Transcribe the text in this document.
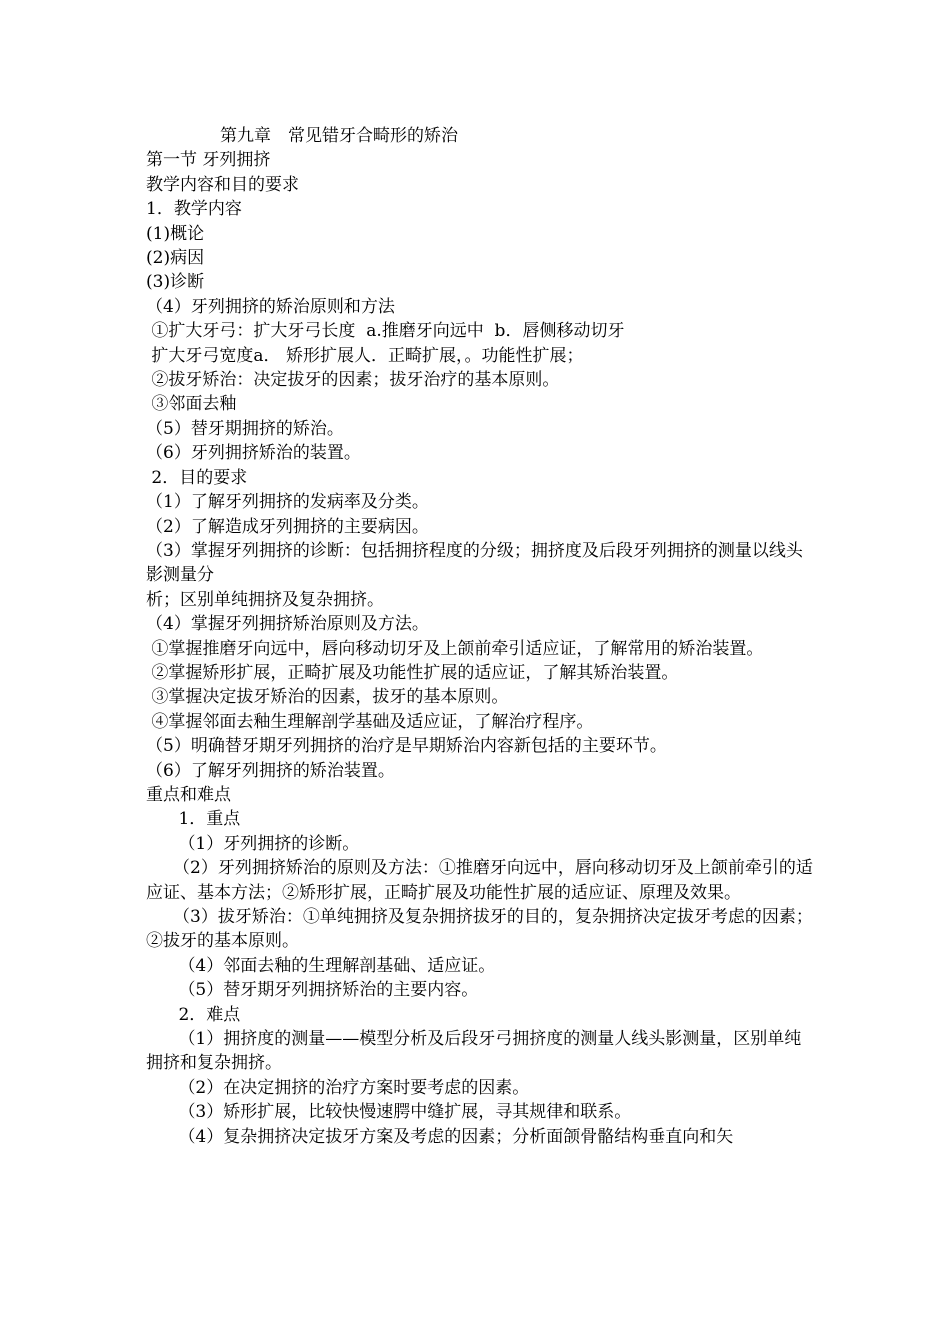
第九章　常见错牙合畸形的矫治
第一节 牙列拥挤
教学内容和目的要求
1．教学内容
(1)概论
(2)病因
(3)诊断
（4）牙列拥挤的矫治原则和方法
①扩大牙弓：扩大牙弓长度  a.推磨牙向远中  b．唇侧移动切牙
扩大牙弓宽度a． 矫形扩展人．正畸扩展，。功能性扩展；
②拔牙矫治：决定拔牙的因素；拔牙治疗的基本原则。
③邻面去釉
（5）替牙期拥挤的矫治。
（6）牙列拥挤矫治的装置。
2．目的要求
（1）了解牙列拥挤的发病率及分类。
（2）了解造成牙列拥挤的主要病因。
（3）掌握牙列拥挤的诊断：包括拥挤程度的分级；拥挤度及后段牙列拥挤的测量以线头影测量分
析；区别单纯拥挤及复杂拥挤。
（4）掌握牙列拥挤矫治原则及方法。
①掌握推磨牙向远中，唇向移动切牙及上颌前牵引适应证，了解常用的矫治装置。
②掌握矫形扩展，正畸扩展及功能性扩展的适应证，了解其矫治装置。
③掌握决定拔牙矫治的因素，拔牙的基本原则。
④掌握邻面去釉生理解剖学基础及适应证，了解治疗程序。
（5）明确替牙期牙列拥挤的治疗是早期矫治内容新包括的主要环节。
（6）了解牙列拥挤的矫治装置。
重点和难点
1．重点
（1）牙列拥挤的诊断。
（2）牙列拥挤矫治的原则及方法：①推磨牙向远中，唇向移动切牙及上颌前牵引的适应证、基本方法；②矫形扩展，正畸扩展及功能性扩展的适应证、原理及效果。
（3）拔牙矫治：①单纯拥挤及复杂拥挤拔牙的目的，复杂拥挤决定拔牙考虑的因素；②拔牙的基本原则。
（4）邻面去釉的生理解剖基础、适应证。
（5）替牙期牙列拥挤矫治的主要内容。
2．难点
（1）拥挤度的测量——模型分析及后段牙弓拥挤度的测量人线头影测量，区别单纯拥挤和复杂拥挤。
（2）在决定拥挤的治疗方案时要考虑的因素。
（3）矫形扩展，比较快慢速腭中缝扩展，寻其规律和联系。
（4）复杂拥挤决定拔牙方案及考虑的因素；分析面颌骨骼结构垂直向和矢
